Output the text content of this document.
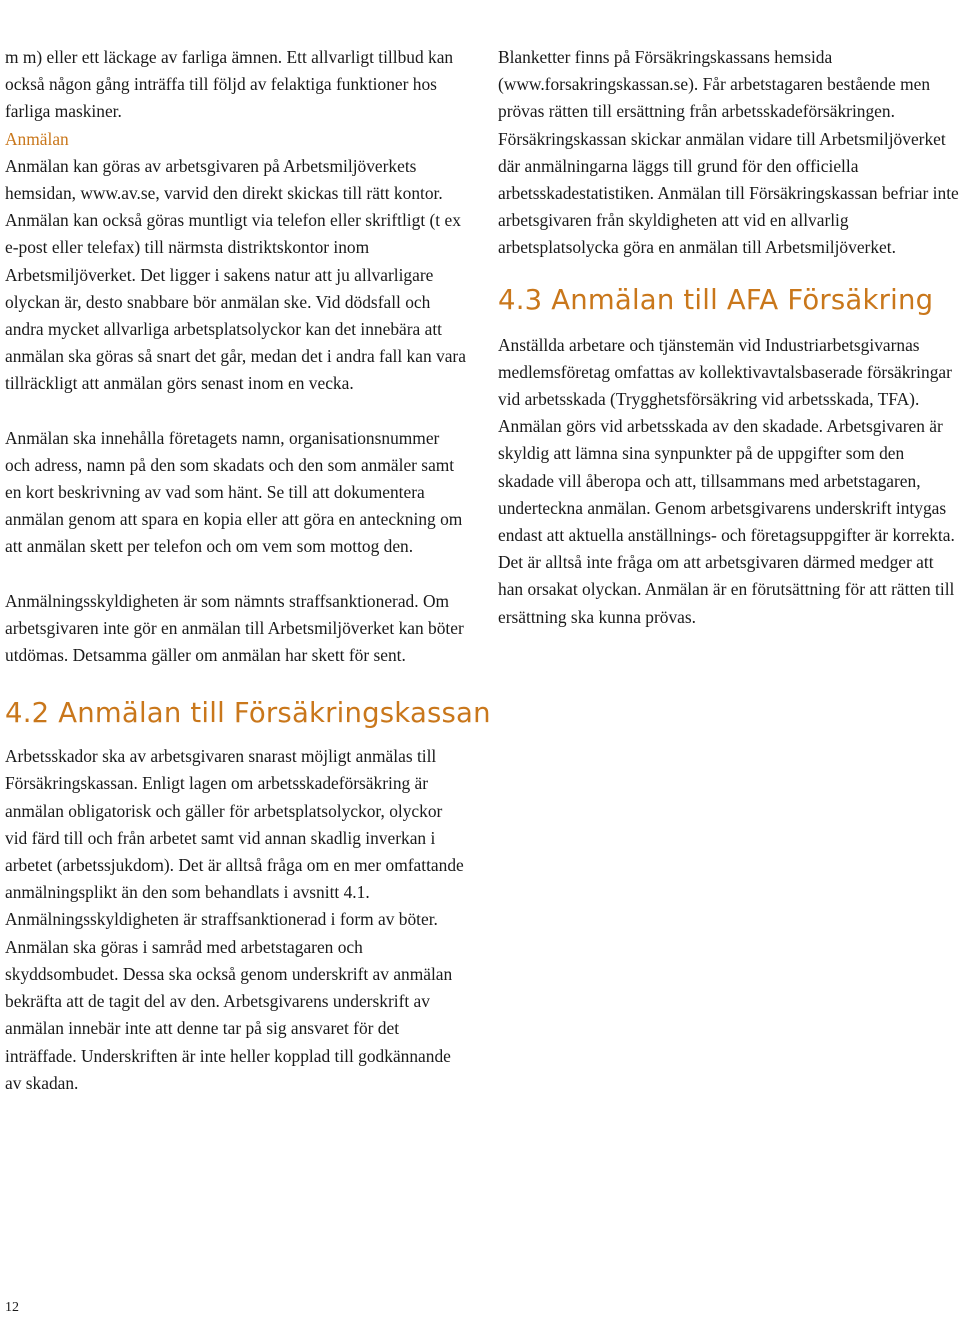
m m) eller ett läckage av farliga ämnen. Ett allvarligt tillbud kan också någon gång inträffa till följd av felaktiga funktioner hos farliga maskiner.

Anmälan

Anmälan kan göras av arbetsgivaren på Arbetsmiljöverkets hemsidan, www.av.se, varvid den direkt skickas till rätt kontor. Anmälan kan också göras muntligt via telefon eller skriftligt (t ex e-post eller telefax) till närmsta distriktskontor inom Arbetsmiljöverket. Det ligger i sakens natur att ju allvarligare olyckan är, desto snabbare bör anmälan ske. Vid dödsfall och andra mycket allvarliga arbetsplatsolyckor kan det innebära att anmälan ska göras så snart det går, medan det i andra fall kan vara tillräckligt att anmälan görs senast inom en vecka.

Anmälan ska innehålla företagets namn, organisationsnummer och adress, namn på den som skadats och den som anmäler samt en kort beskrivning av vad som hänt. Se till att dokumentera anmälan genom att spara en kopia eller att göra en anteckning om att anmälan skett per telefon och om vem som mottog den.

Anmälningsskyldigheten är som nämnts straffsanktionerad. Om arbetsgivaren inte gör en anmälan till Arbetsmiljöverket kan böter utdömas. Detsamma gäller om anmälan har skett för sent.

4.2 Anmälan till Försäkringskassan

Arbetsskador ska av arbetsgivaren snarast möjligt anmälas till Försäkringskassan. Enligt lagen om arbetsskadeförsäkring är anmälan obligatorisk och gäller för arbetsplatsolyckor, olyckor vid färd till och från arbetet samt vid annan skadlig inverkan i arbetet (arbetssjukdom). Det är alltså fråga om en mer omfattande anmälningsplikt än den som behandlats i avsnitt 4.1. Anmälningsskyldigheten är straffsanktionerad i form av böter. Anmälan ska göras i samråd med arbetstagaren och skyddsombudet. Dessa ska också genom underskrift av anmälan bekräfta att de tagit del av den. Arbetsgivarens underskrift av anmälan innebär inte att denne tar på sig ansvaret för det inträffade. Underskriften är inte heller kopplad till godkännande av skadan.

Blanketter finns på Försäkringskassans hemsida (www.forsakringskassan.se). Får arbetstagaren bestående men prövas rätten till ersättning från arbetsskadeförsäkringen. Försäkringskassan skickar anmälan vidare till Arbetsmiljöverket där anmälningarna läggs till grund för den officiella arbetsskadestatistiken. Anmälan till Försäkringskassan befriar inte arbetsgivaren från skyldigheten att vid en allvarlig arbetsplatsolycka göra en anmälan till Arbetsmiljöverket.

4.3 Anmälan till AFA Försäkring

Anställda arbetare och tjänstemän vid Industriarbetsgivarnas medlemsföretag omfattas av kollektivavtalsbaserade försäkringar vid arbetsskada (Trygghetsförsäkring vid arbetsskada, TFA). Anmälan görs vid arbetsskada av den skadade. Arbetsgivaren är skyldig att lämna sina synpunkter på de uppgifter som den skadade vill åberopa och att, tillsammans med arbetstagaren, underteckna anmälan. Genom arbetsgivarens underskrift intygas endast att aktuella anställnings- och företagsuppgifter är korrekta. Det är alltså inte fråga om att arbetsgivaren därmed medger att han orsakat olyckan. Anmälan är en förutsättning för att rätten till ersättning ska kunna prövas.

12
